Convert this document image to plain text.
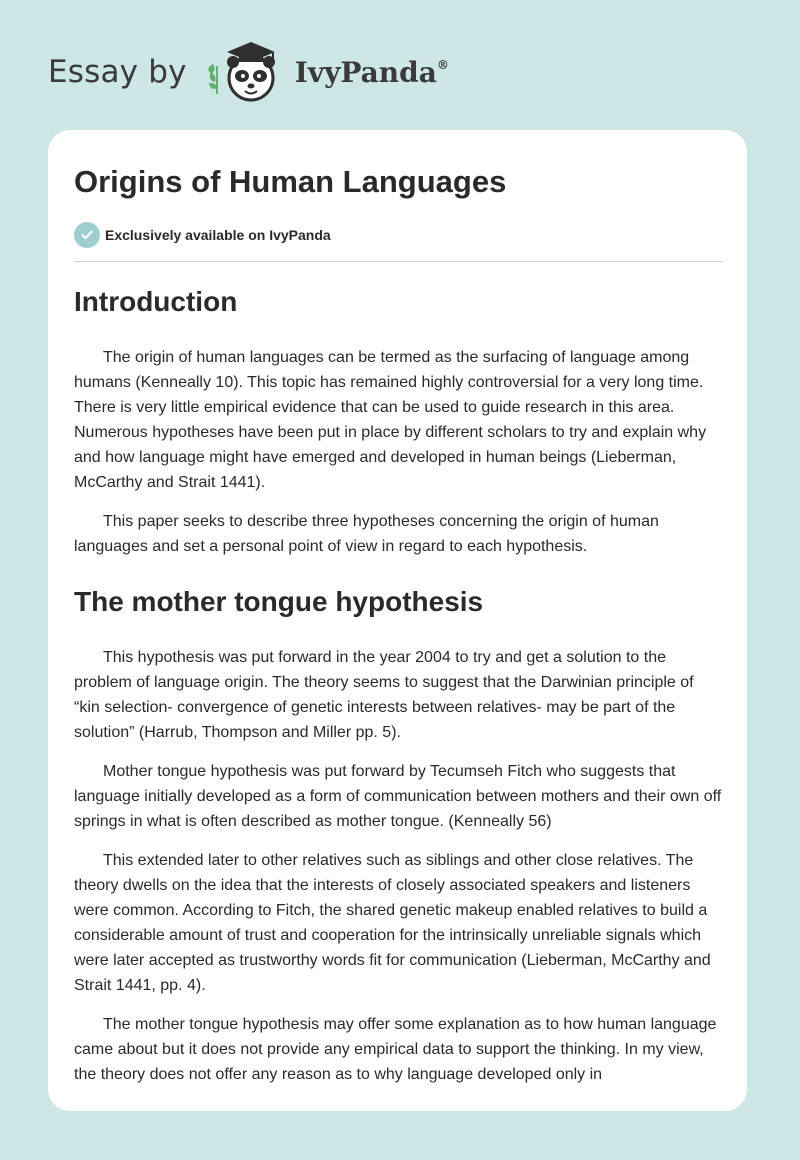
Essay by	IvyPanda®
Origins of Human Languages
Exclusively available on IvyPanda
Introduction

The origin of human languages can be termed as the surfacing of language among humans (Kenneally 10). This topic has remained highly controversial for a very long time. There is very little empirical evidence that can be used to guide research in this area. Numerous hypotheses have been put in place by different scholars to try and explain why and how language might have emerged and developed in human beings (Lieberman, McCarthy and Strait 1441).

This paper seeks to describe three hypotheses concerning the origin of human languages and set a personal point of view in regard to each hypothesis.

The mother tongue hypothesis

This hypothesis was put forward in the year 2004 to try and get a solution to the problem of language origin. The theory seems to suggest that the Darwinian principle of “kin selection- convergence of genetic interests between relatives- may be part of the solution” (Harrub, Thompson and Miller pp. 5).

Mother tongue hypothesis was put forward by Tecumseh Fitch who suggests that language initially developed as a form of communication between mothers and their own off springs in what is often described as mother tongue. (Kenneally 56)

This extended later to other relatives such as siblings and other close relatives. The theory dwells on the idea that the interests of closely associated speakers and listeners were common. According to Fitch, the shared genetic makeup enabled relatives to build a considerable amount of trust and cooperation for the intrinsically unreliable signals which were later accepted as trustworthy words fit for communication (Lieberman, McCarthy and Strait 1441, pp. 4).

The mother tongue hypothesis may offer some explanation as to how human language came about but it does not provide any empirical data to support the thinking. In my view, the theory does not offer any reason as to why language developed only in
